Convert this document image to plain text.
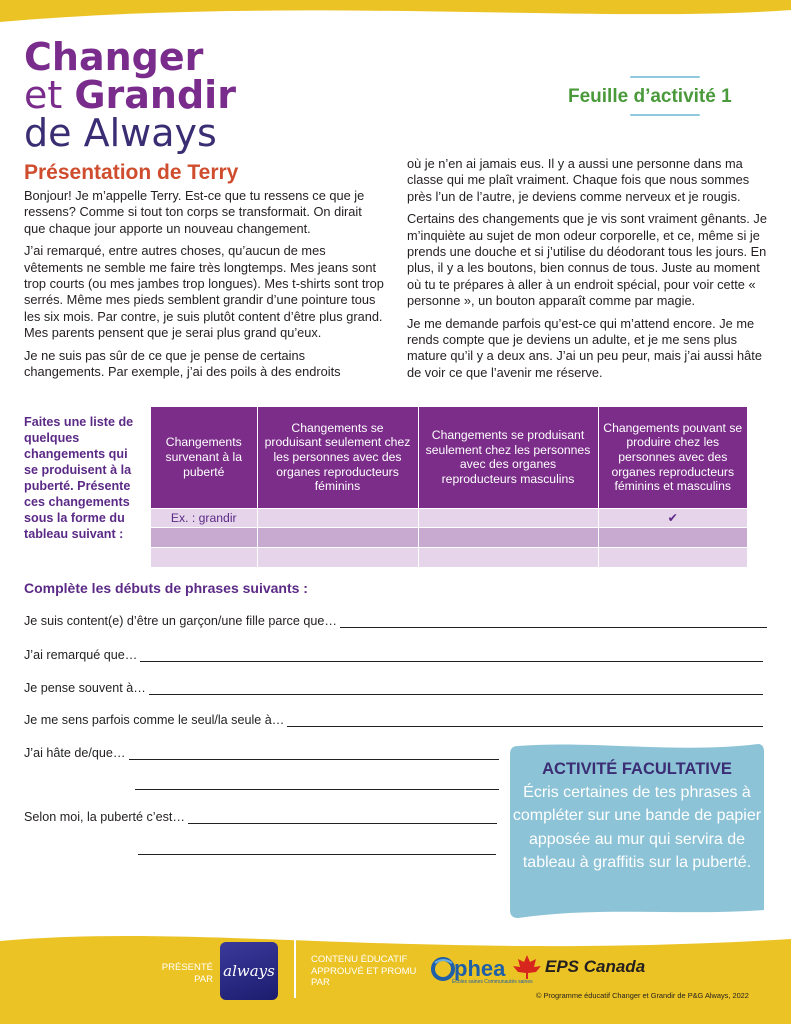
Changer
et Grandir
de Always
Feuille d’activité 1
Présentation de Terry

Bonjour! Je m’appelle Terry. Est-ce que tu ressens ce que je ressens? Comme si tout ton corps se transformait. On dirait que chaque jour apporte un nouveau changement.

J’ai remarqué, entre autres choses, qu’aucun de mes vêtements ne semble me faire très longtemps. Mes jeans sont trop courts (ou mes jambes trop longues). Mes t-shirts sont trop serrés. Même mes pieds semblent grandir d’une pointure tous les six mois. Par contre, je suis plutôt content d’être plus grand. Mes parents pensent que je serai plus grand qu’eux.

Je ne suis pas sûr de ce que je pense de certains changements. Par exemple, j’ai des poils à des endroits

où je n’en ai jamais eus. Il y a aussi une personne dans ma classe qui me plaît vraiment. Chaque fois que nous sommes près l’un de l’autre, je deviens comme nerveux et je rougis.

Certains des changements que je vis sont vraiment gênants. Je m’inquiète au sujet de mon odeur corporelle, et ce, même si je prends une douche et si j’utilise du déodorant tous les jours. En plus, il y a les boutons, bien connus de tous. Juste au moment où tu te prépares à aller à un endroit spécial, pour voir cette « personne », un bouton apparaît comme par magie.

Je me demande parfois qu’est-ce qui m’attend encore. Je me rends compte que je deviens un adulte, et je me sens plus mature qu’il y a deux ans. J’ai un peu peur, mais j’ai aussi hâte de voir ce que l’avenir me réserve.

Faites une liste de quelques changements qui se produisent à la puberté. Présente ces changements sous la forme du tableau suivant :
Changements survenant à la puberté	Changements se produisant seulement chez les personnes avec des organes reproducteurs féminins	Changements se produisant seulement chez les personnes avec des organes reproducteurs masculins	Changements pouvant se produire chez les personnes avec des organes reproducteurs féminins et masculins
Ex. : grandir			✔

Complète les débuts de phrases suivants :
Je suis content(e) d’être un garçon/une fille parce que…
J’ai remarqué que…
Je pense souvent à…
Je me sens parfois comme le seul/la seule à…
J’ai hâte de/que…
Selon moi, la puberté c’est…
ACTIVITÉ FACULTATIVE
Écris certaines de tes phrases à compléter sur une bande de papier apposée au mur qui servira de tableau à graffitis sur la puberté.
PRÉSENTÉ PAR always
CONTENU ÉDUCATIF APPROUVÉ ET PROMU PAR
phea
Écoles saines Communautés saines
EPS Canada
© Programme éducatif Changer et Grandir de P&G Always, 2022
